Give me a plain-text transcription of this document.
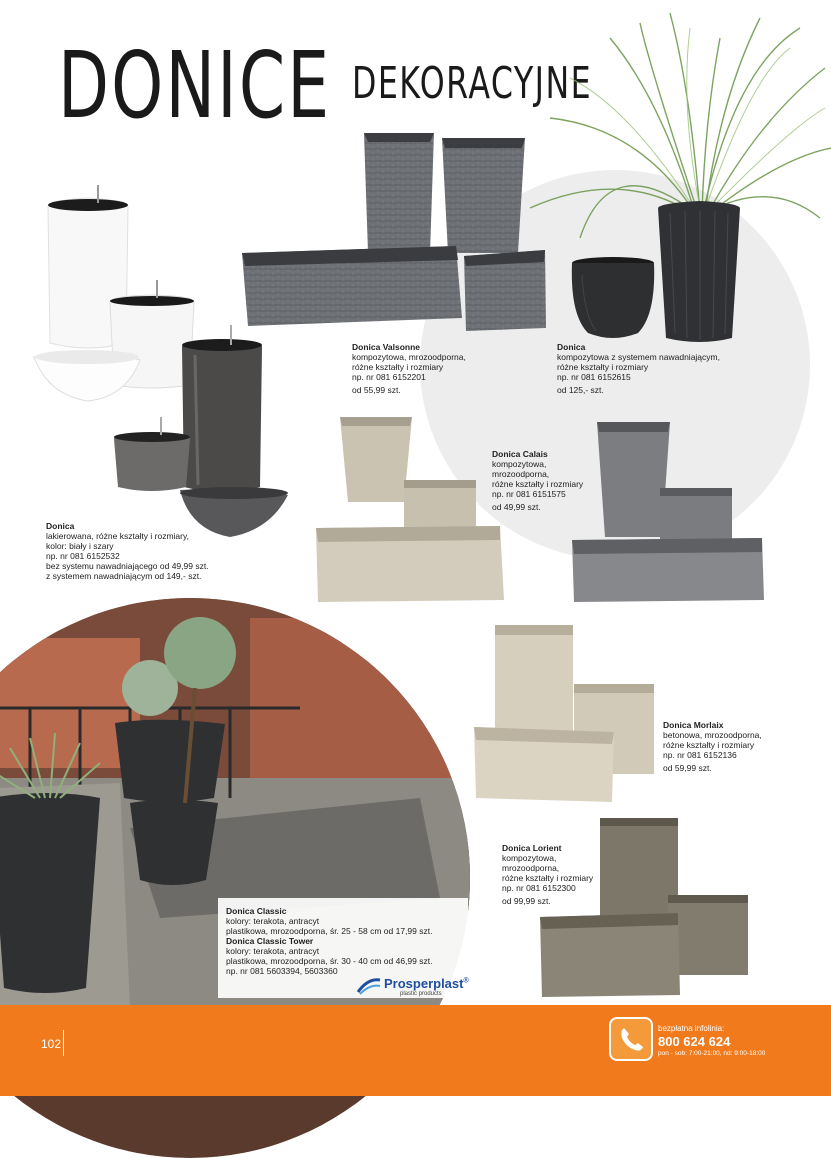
DONICE DEKORACYJNE
Donica Valsonne
kompozytowa, mrozoodporna,
różne kształty i rozmiary
np. nr 081 6152201
od 55,99 szt.
Donica
kompozytowa z systemem nawadniającym,
różne kształty i rozmiary
np. nr 081 6152615
od 125,- szt.
Donica
lakierowana, różne kształty i rozmiary,
kolor: biały i szary
np. nr 081 6152532
bez systemu nawadniającego od 49,99 szt.
z systemem nawadniającym od 149,- szt.
Donica Calais
kompozytowa,
mrozoodporna,
różne kształty i rozmiary
np. nr 081 6151575
od 49,99 szt.
Donica Morlaix
betonowa, mrozoodporna,
różne kształty i rozmiary
np. nr 081 6152136
od 59,99 szt.
Donica Lorient
kompozytowa,
mrozoodporna,
różne kształty i rozmiary
np. nr 081 6152300
od 99,99 szt.
Donica Classic
kolory: terakota, antracyt
plastikowa, mrozoodporna, śr. 25 - 58 cm od 17,99 szt.
Donica Classic Tower
kolory: terakota, antracyt
plastikowa, mrozoodporna, śr. 30 - 40 cm od 46,99 szt.
np. nr 081 5603394, 5603360
Prosperplast®
plastic products
102
bezpłatna infolinia:
800 624 624
pon - sob: 7:00-21:00, nd: 9:00-18:00
